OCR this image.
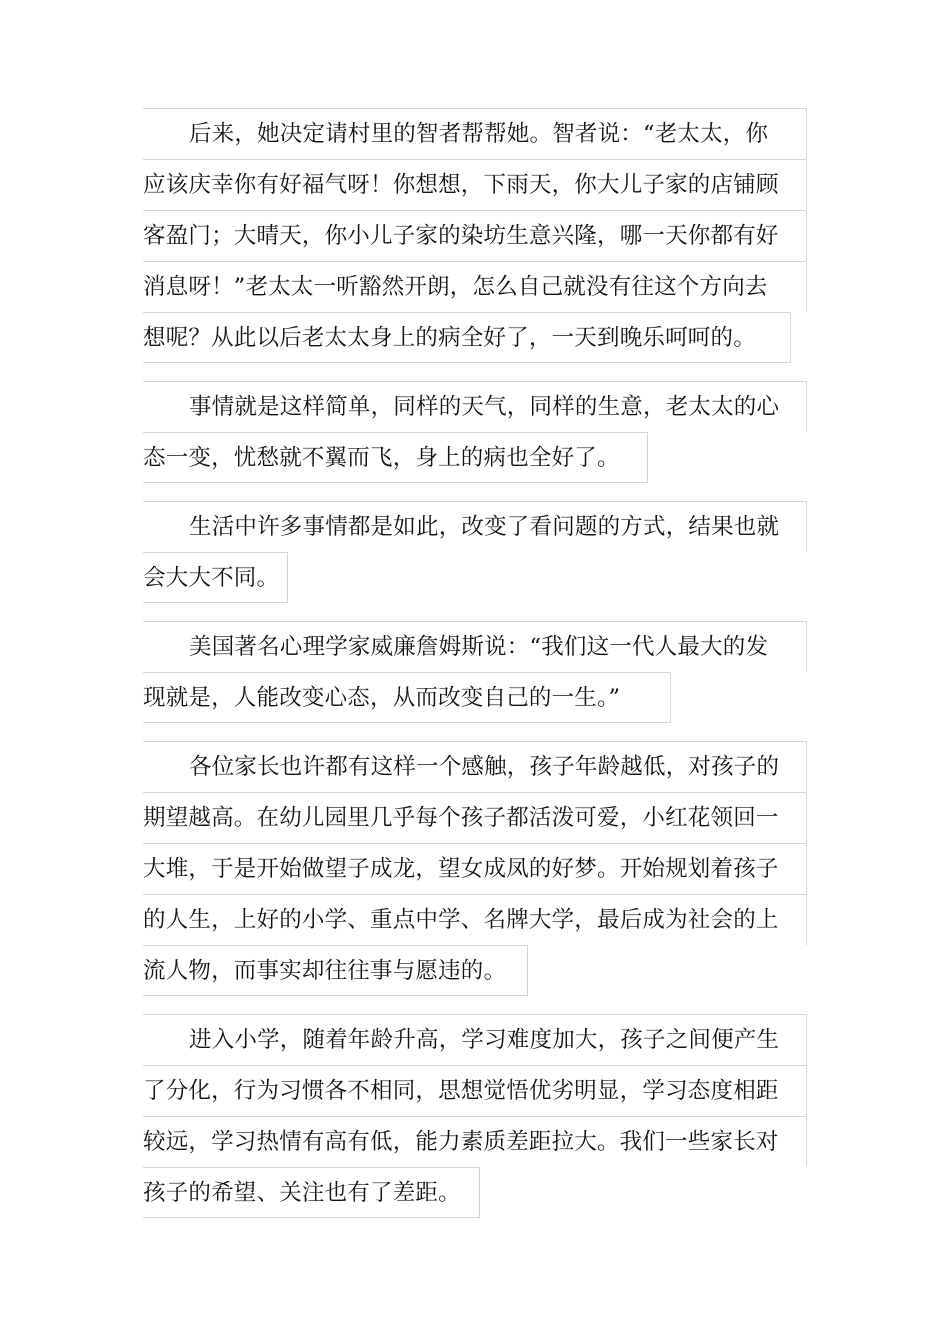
后来，她决定请村里的智者帮帮她。智者说：“老太太，你
应该庆幸你有好福气呀！你想想，下雨天，你大儿子家的店铺顾
客盈门；大晴天，你小儿子家的染坊生意兴隆，哪一天你都有好
消息呀！”老太太一听豁然开朗，怎么自己就没有往这个方向去
想呢？从此以后老太太身上的病全好了，一天到晚乐呵呵的。
事情就是这样简单，同样的天气，同样的生意，老太太的心
态一变，忧愁就不翼而飞，身上的病也全好了。
生活中许多事情都是如此，改变了看问题的方式，结果也就
会大大不同。
美国著名心理学家威廉詹姆斯说：“我们这一代人最大的发
现就是，人能改变心态，从而改变自己的一生。”
各位家长也许都有这样一个感触，孩子年龄越低，对孩子的
期望越高。在幼儿园里几乎每个孩子都活泼可爱，小红花领回一
大堆，于是开始做望子成龙，望女成凤的好梦。开始规划着孩子
的人生，上好的小学、重点中学、名牌大学，最后成为社会的上
流人物，而事实却往往事与愿违的。
进入小学，随着年龄升高，学习难度加大，孩子之间便产生
了分化，行为习惯各不相同，思想觉悟优劣明显，学习态度相距
较远，学习热情有高有低，能力素质差距拉大。我们一些家长对
孩子的希望、关注也有了差距。
